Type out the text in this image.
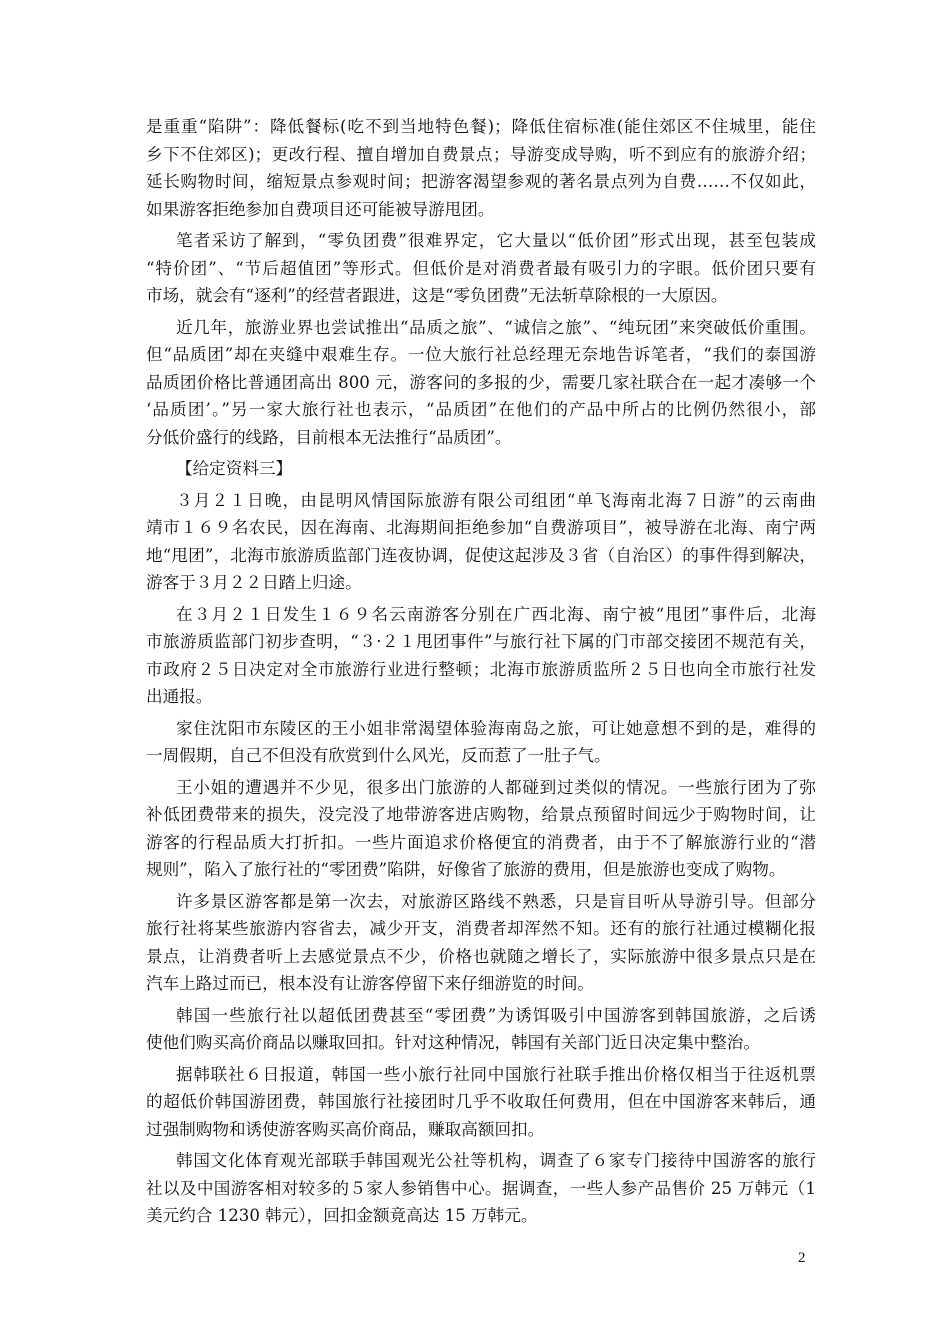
是重重“陷阱”：降低餐标(吃不到当地特色餐)；降低住宿标准(能住郊区不住城里，能住
乡下不住郊区)；更改行程、擅自增加自费景点；导游变成导购，听不到应有的旅游介绍；
延长购物时间，缩短景点参观时间；把游客渴望参观的著名景点列为自费……不仅如此，
如果游客拒绝参加自费项目还可能被导游甩团。
笔者采访了解到，“零负团费”很难界定，它大量以“低价团”形式出现，甚至包装成
“特价团”、“节后超值团”等形式。但低价是对消费者最有吸引力的字眼。低价团只要有
市场，就会有“逐利”的经营者跟进，这是“零负团费”无法斩草除根的一大原因。
近几年，旅游业界也尝试推出“品质之旅”、“诚信之旅”、“纯玩团”来突破低价重围。
但“品质团”却在夹缝中艰难生存。一位大旅行社总经理无奈地告诉笔者，“我们的泰国游
品质团价格比普通团高出 800 元，游客问的多报的少，需要几家社联合在一起才凑够一个
‘品质团’。”另一家大旅行社也表示，“品质团”在他们的产品中所占的比例仍然很小，部
分低价盛行的线路，目前根本无法推行“品质团”。
【给定资料三】
３月２１日晚，由昆明风情国际旅游有限公司组团“单飞海南北海７日游”的云南曲
靖市１６９名农民，因在海南、北海期间拒绝参加“自费游项目”，被导游在北海、南宁两
地“甩团”，北海市旅游质监部门连夜协调，促使这起涉及３省（自治区）的事件得到解决，
游客于３月２２日踏上归途。
在３月２１日发生１６９名云南游客分别在广西北海、南宁被“甩团”事件后，北海
市旅游质监部门初步查明，“３·２１甩团事件”与旅行社下属的门市部交接团不规范有关，
市政府２５日决定对全市旅游行业进行整顿；北海市旅游质监所２５日也向全市旅行社发
出通报。
家住沈阳市东陵区的王小姐非常渴望体验海南岛之旅，可让她意想不到的是，难得的
一周假期，自己不但没有欣赏到什么风光，反而惹了一肚子气。
王小姐的遭遇并不少见，很多出门旅游的人都碰到过类似的情况。一些旅行团为了弥
补低团费带来的损失，没完没了地带游客进店购物，给景点预留时间远少于购物时间，让
游客的行程品质大打折扣。一些片面追求价格便宜的消费者，由于不了解旅游行业的“潜
规则”，陷入了旅行社的“零团费”陷阱，好像省了旅游的费用，但是旅游也变成了购物。
许多景区游客都是第一次去，对旅游区路线不熟悉，只是盲目听从导游引导。但部分
旅行社将某些旅游内容省去，减少开支，消费者却浑然不知。还有的旅行社通过模糊化报
景点，让消费者听上去感觉景点不少，价格也就随之增长了，实际旅游中很多景点只是在
汽车上路过而已，根本没有让游客停留下来仔细游览的时间。
韩国一些旅行社以超低团费甚至“零团费”为诱饵吸引中国游客到韩国旅游，之后诱
使他们购买高价商品以赚取回扣。针对这种情况，韩国有关部门近日决定集中整治。
据韩联社６日报道，韩国一些小旅行社同中国旅行社联手推出价格仅相当于往返机票
的超低价韩国游团费，韩国旅行社接团时几乎不收取任何费用，但在中国游客来韩后，通
过强制购物和诱使游客购买高价商品，赚取高额回扣。
韩国文化体育观光部联手韩国观光公社等机构，调查了６家专门接待中国游客的旅行
社以及中国游客相对较多的５家人参销售中心。据调查，一些人参产品售价 25 万韩元（1
美元约合 1230 韩元），回扣金额竟高达 15 万韩元。
2
